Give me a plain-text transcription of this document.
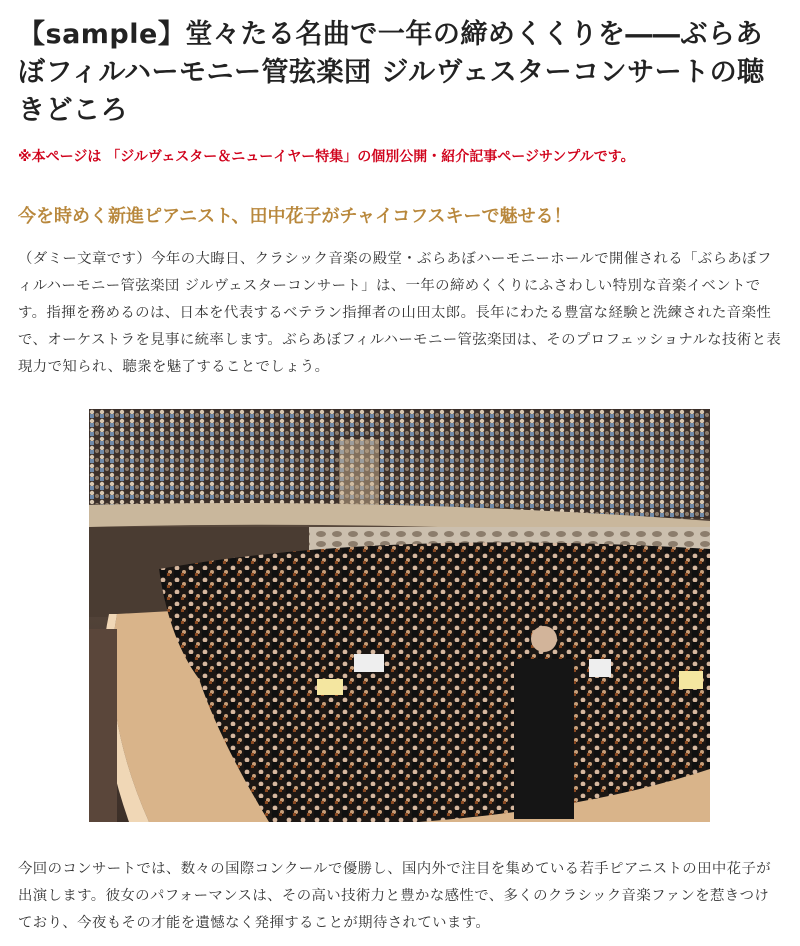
【sample】堂々たる名曲で一年の締めくくりを――ぶらあぼフィルハーモニー管弦楽団 ジルヴェスターコンサートの聴きどころ

※本ページは 「ジルヴェスター＆ニューイヤー特集」の個別公開・紹介記事ページサンプルです。

今を時めく新進ピアニスト、田中花子がチャイコフスキーで魅せる！

（ダミー文章です）今年の大晦日、クラシック音楽の殿堂・ぶらあぼハーモニーホールで開催される「ぶらあぼフィルハーモニー管弦楽団 ジルヴェスターコンサート」は、一年の締めくくりにふさわしい特別な音楽イベントです。指揮を務めるのは、日本を代表するベテラン指揮者の山田太郎。長年にわたる豊富な経験と洗練された音楽性で、オーケストラを見事に統率します。ぶらあぼフィルハーモニー管弦楽団は、そのプロフェッショナルな技術と表現力で知られ、聴衆を魅了することでしょう。

今回のコンサートでは、数々の国際コンクールで優勝し、国内外で注目を集めている若手ピアニストの田中花子が出演します。彼女のパフォーマンスは、その高い技術力と豊かな感性で、多くのクラシック音楽ファンを惹きつけており、今夜もその才能を遺憾なく発揮することが期待されています。
